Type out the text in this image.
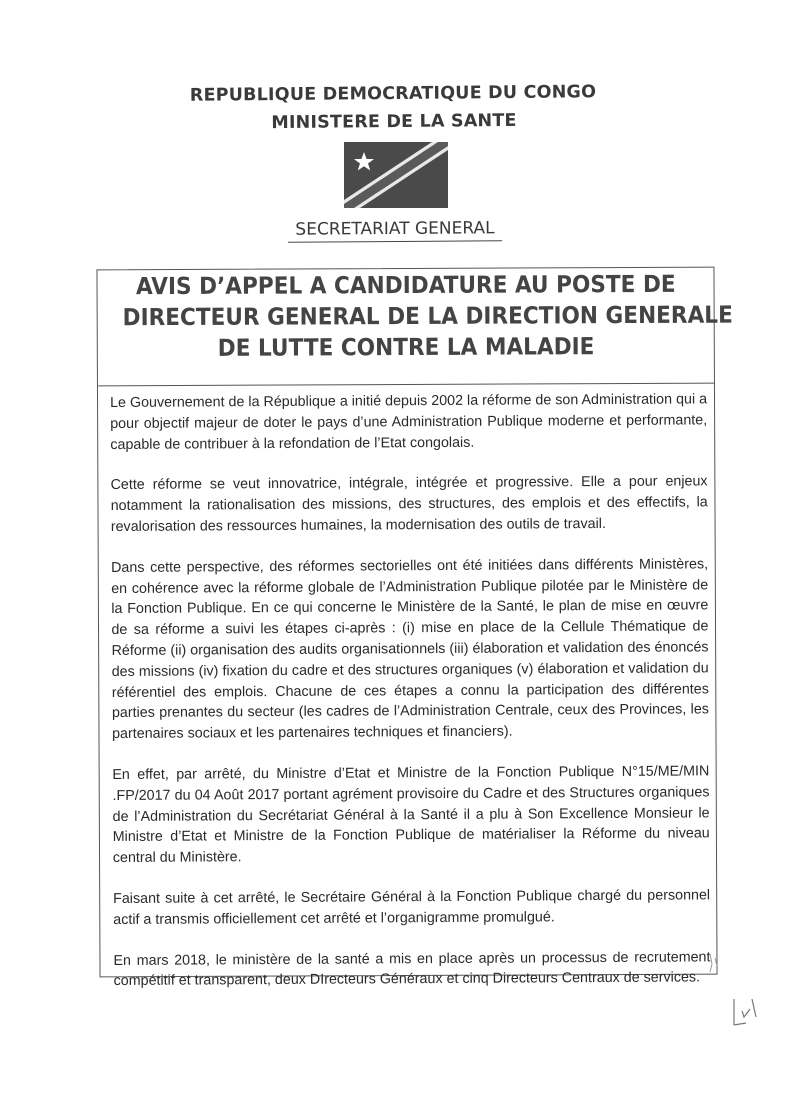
REPUBLIQUE DEMOCRATIQUE DU CONGO
MINISTERE DE LA SANTE
SECRETARIAT GENERAL
AVIS D’APPEL A CANDIDATURE AU POSTE DE
DIRECTEUR GENERAL DE LA DIRECTION GENERALE
DE LUTTE CONTRE LA MALADIE

Le Gouvernement de la République a initié depuis 2002 la réforme de son Administration qui a pour objectif majeur de doter le pays d’une Administration Publique moderne et performante, capable de contribuer à la refondation de l’Etat congolais.

Cette réforme se veut innovatrice, intégrale, intégrée et progressive. Elle a pour enjeux notamment la rationalisation des missions, des structures, des emplois et des effectifs, la revalorisation des ressources humaines, la modernisation des outils de travail.

Dans cette perspective, des réformes sectorielles ont été initiées dans différents Ministères, en cohérence avec la réforme globale de l’Administration Publique pilotée par le Ministère de la Fonction Publique. En ce qui concerne le Ministère de la Santé, le plan de mise en œuvre de sa réforme a suivi les étapes ci-après : (i) mise en place de la Cellule Thématique de Réforme (ii) organisation des audits organisationnels (iii) élaboration et validation des énoncés des missions (iv) fixation du cadre et des structures organiques (v) élaboration et validation du référentiel des emplois. Chacune de ces étapes a connu la participation des différentes parties prenantes du secteur (les cadres de l’Administration Centrale, ceux des Provinces, les partenaires sociaux et les partenaires techniques et financiers).

En effet, par arrêté, du Ministre d’Etat et Ministre de la Fonction Publique N°15/ME/MIN .FP/2017 du 04 Août 2017 portant agrément provisoire du Cadre et des Structures organiques de l’Administration du Secrétariat Général à la Santé il a plu à Son Excellence Monsieur le Ministre d’Etat et Ministre de la Fonction Publique de matérialiser la Réforme du niveau central du Ministère.

Faisant suite à cet arrêté, le Secrétaire Général à la Fonction Publique chargé du personnel actif a transmis officiellement cet arrêté et l’organigramme promulgué.

En mars 2018, le ministère de la santé a mis en place après un processus de recrutement compétitif et transparent, deux DIrecteurs Généraux et cinq Directeurs Centraux de services.
